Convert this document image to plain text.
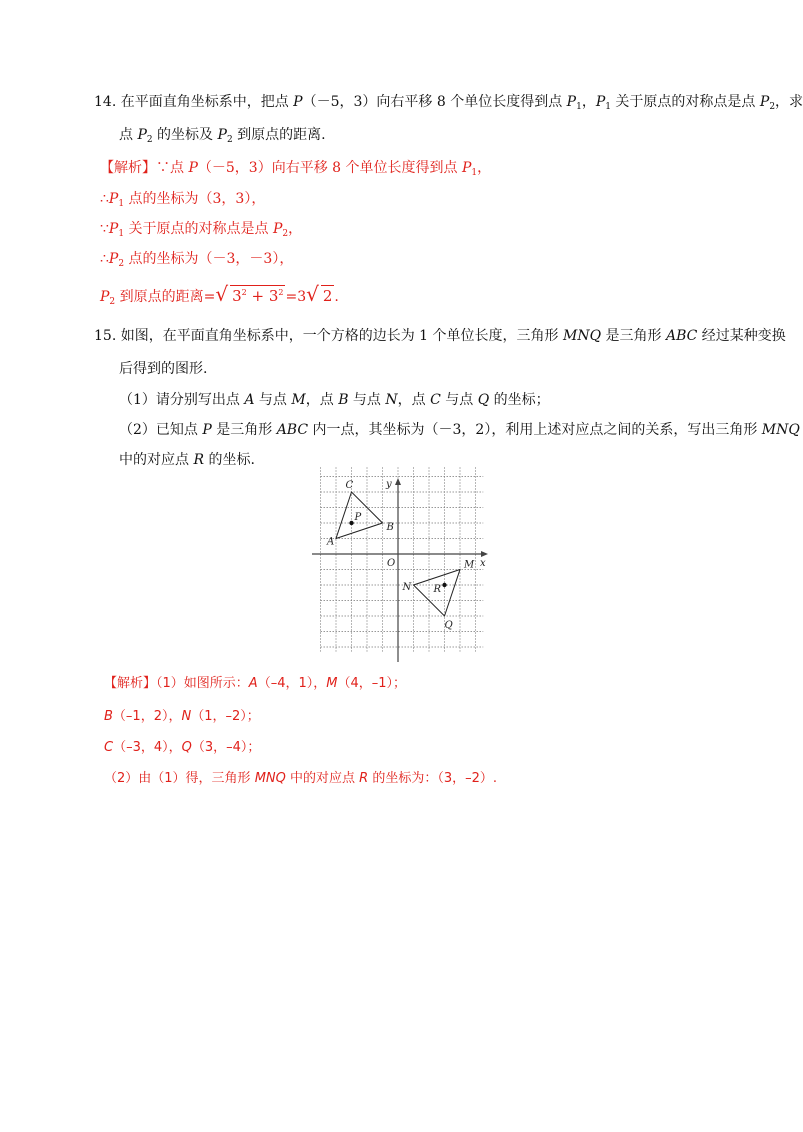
14. 在平面直角坐标系中，把点 P（－5，3）向右平移 8 个单位长度得到点 $P_1$，$P_1$ 关于原点的对称点是点 $P_2$，求
点 $P_2$ 的坐标及 $P_2$ 到原点的距离.
【解析】∵点 P（－5，3）向右平移 8 个单位长度得到点 $P_1$，
$\therefore P_1$ 点的坐标为（3，3），
$\because P_1$ 关于原点的对称点是点 $P_2$，
$\therefore P_2$ 点的坐标为（－3，－3），
$P_2$ 到原点的距离=√ $3^2 + 3^2 =3√$ 2 .
15. 如图，在平面直角坐标系中，一个方格的边长为 1 个单位长度，三角形 MNQ 是三角形 ABC 经过某种变换
后得到的图形.
（1）请分别写出点 A 与点 M，点 B 与点 N，点 C 与点 Q 的坐标；
（2）已知点 P 是三角形 ABC 内一点，其坐标为（－3，2），利用上述对应点之间的关系，写出三角形 MNQ
中的对应点 R 的坐标.
A
B
C
P
M
N
Q
R
O	x
y
【解析】（1）如图所示：A（–4，1），M（4，–1）；
B（–1，2），N（1，–2）；
C（–3，4），Q（3，–4）；
（2）由（1）得，三角形 MNQ 中的对应点 R 的坐标为：（3，–2）.
